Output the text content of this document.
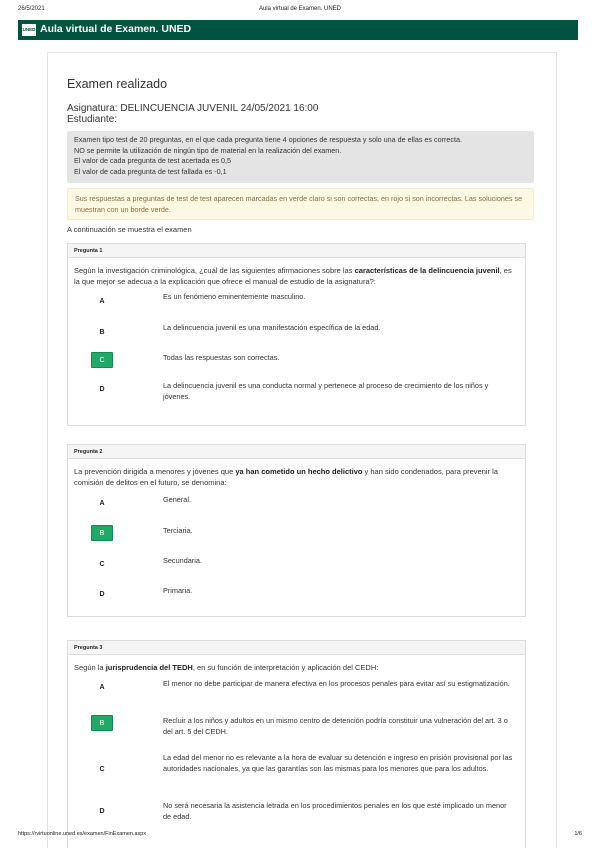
26/5/2021	Aula virtual de Examen. UNED
UNED Aula virtual de Examen. UNED
Examen realizado
Asignatura: DELINCUENCIA JUVENIL 24/05/2021 16:00
Estudiante:
Examen tipo test de 20 preguntas, en el que cada pregunta tiene 4 opciones de respuesta y solo una de ellas es correcta.
NO se permite la utilización de ningún tipo de material en la realización del examen.
El valor de cada pregunta de test acertada es 0,5
El valor de cada pregunta de test fallada es -0,1
Sus respuestas a preguntas de test de test aparecen marcadas en verde claro si son correctas, en rojo si son incorrectas. Las soluciones se muestran con un borde verde.
A continuación se muestra el examen
Pregunta 1
Según la investigación criminológica, ¿cuál de las siguientes afirmaciones sobre las características de la delincuencia juvenil, es la que mejor se adecua a la explicación que ofrece el manual de estudio de la asignatura?:
A
Es un fenómeno eminentemente masculino.
B
La delincuencia juvenil es una manifestación específica de la edad.
C	Todas las respuestas son correctas.
D	La delincuencia juvenil es una conducta normal y pertenece al proceso de crecimiento de los niños y jóvenes.
Pregunta 2
La prevención dirigida a menores y jóvenes que ya han cometido un hecho delictivo y han sido condenados, para prevenir la comisión de delitos en el futuro, se denomina:
A	General.
B	Terciaria.
C	Secundaria.
D	Primaria.
Pregunta 3
Según la jurisprudencia del TEDH, en su función de interpretación y aplicación del CEDH:
A	El menor no debe participar de manera efectiva en los procesos penales para evitar así su estigmatización.
B	Recluir a los niños y adultos en un mismo centro de detención podría constituir una vulneración del art. 3 o del art. 5 del CEDH.
C
La edad del menor no es relevante a la hora de evaluar su detención e ingreso en prisión provisional por las autoridades nacionales, ya que las garantías son las mismas para los menores que para los adultos.
D
No será necesaria la asistencia letrada en los procedimientos penales en los que esté implicado un menor de edad.
https://rvirtuonline.uned.es/examen/FinExamen.aspx	1/6
